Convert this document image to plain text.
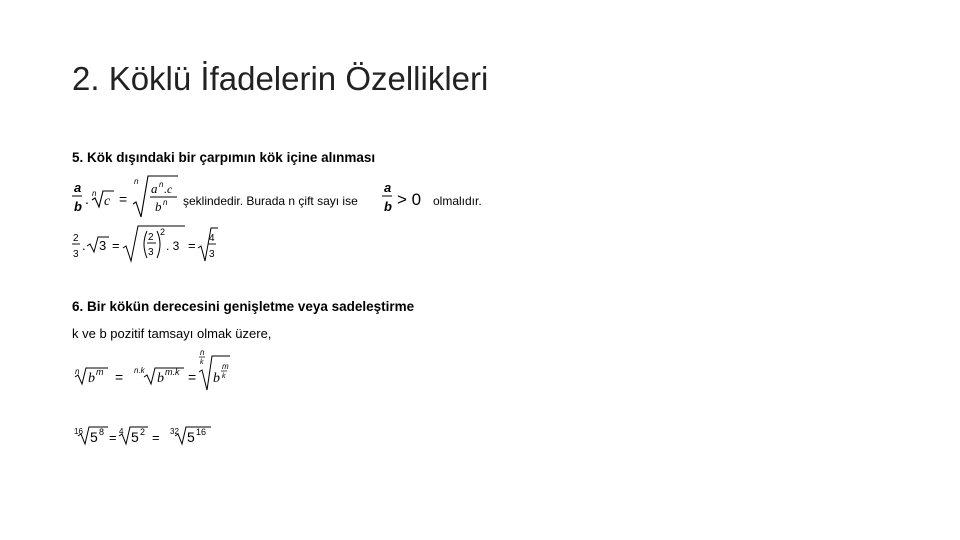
2. Köklü İfadelerin Özellikleri
5. Kök dışındaki bir çarpımın kök içine alınması
a
b . n
c =
n a n .c
b n şeklindedir. Burada n çift sayı ise
a
b > 0 olmalıdır.
2
3
. 3 =
2
3
2
. 3 = 4
3
6. Bir kökün derecesini genişletme veya sadeleştirme
k ve b pozitif tamsayı olmak üzere,
n b m = n.k
b m.k =
n
k
b
m
k
16 5 8 = 4 5 2 = 32 5 16
